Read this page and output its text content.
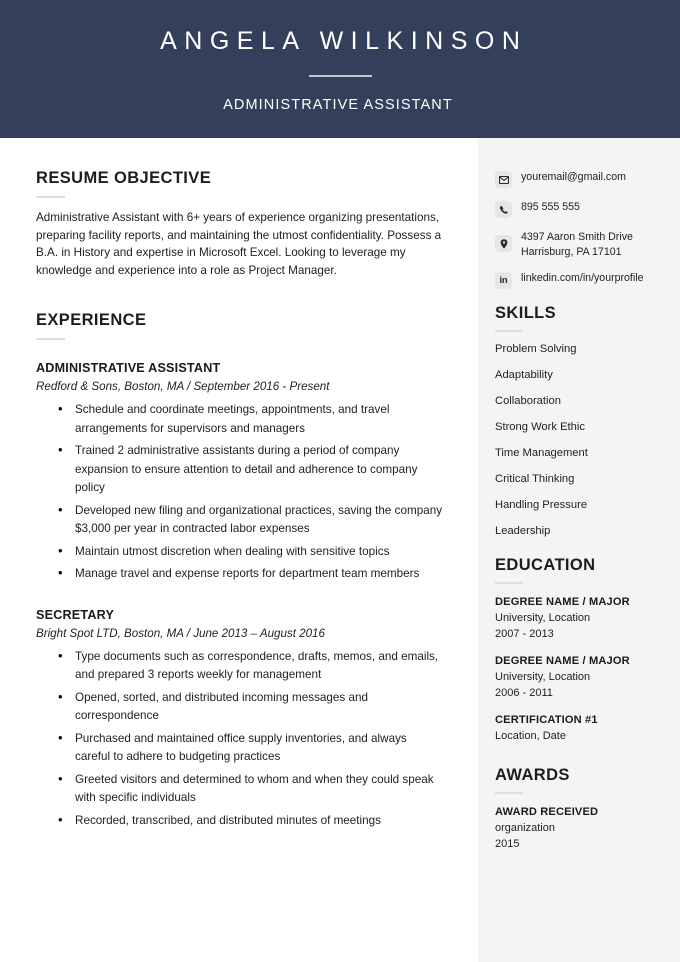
ANGELA WILKINSON
ADMINISTRATIVE ASSISTANT
RESUME OBJECTIVE

Administrative Assistant with 6+ years of experience organizing presentations, preparing facility reports, and maintaining the utmost confidentiality. Possess a B.A. in History and expertise in Microsoft Excel. Looking to leverage my knowledge and experience into a role as Project Manager.

EXPERIENCE
ADMINISTRATIVE ASSISTANT
Redford & Sons, Boston, MA / September 2016 - Present
• Schedule and coordinate meetings, appointments, and travel arrangements for supervisors and managers
• Trained 2 administrative assistants during a period of company expansion to ensure attention to detail and adherence to company policy
• Developed new filing and organizational practices, saving the company $3,000 per year in contracted labor expenses
• Maintain utmost discretion when dealing with sensitive topics
• Manage travel and expense reports for department team members
SECRETARY
Bright Spot LTD, Boston, MA / June 2013 – August 2016
• Type documents such as correspondence, drafts, memos, and emails, and prepared 3 reports weekly for management
• Opened, sorted, and distributed incoming messages and correspondence
• Purchased and maintained office supply inventories, and always careful to adhere to budgeting practices
• Greeted visitors and determined to whom and when they could speak with specific individuals
• Recorded, transcribed, and distributed minutes of meetings
youremail@gmail.com
895 555 555
4397 Aaron Smith Drive
Harrisburg, PA 17101
in linkedin.com/in/yourprofile
SKILLS
Problem Solving
Adaptability
Collaboration
Strong Work Ethic
Time Management
Critical Thinking
Handling Pressure
Leadership
EDUCATION
DEGREE NAME / MAJOR
University, Location
2007 - 2013
DEGREE NAME / MAJOR
University, Location
2006 - 2011
CERTIFICATION #1
Location, Date
AWARDS
AWARD RECEIVED
organization
2015
